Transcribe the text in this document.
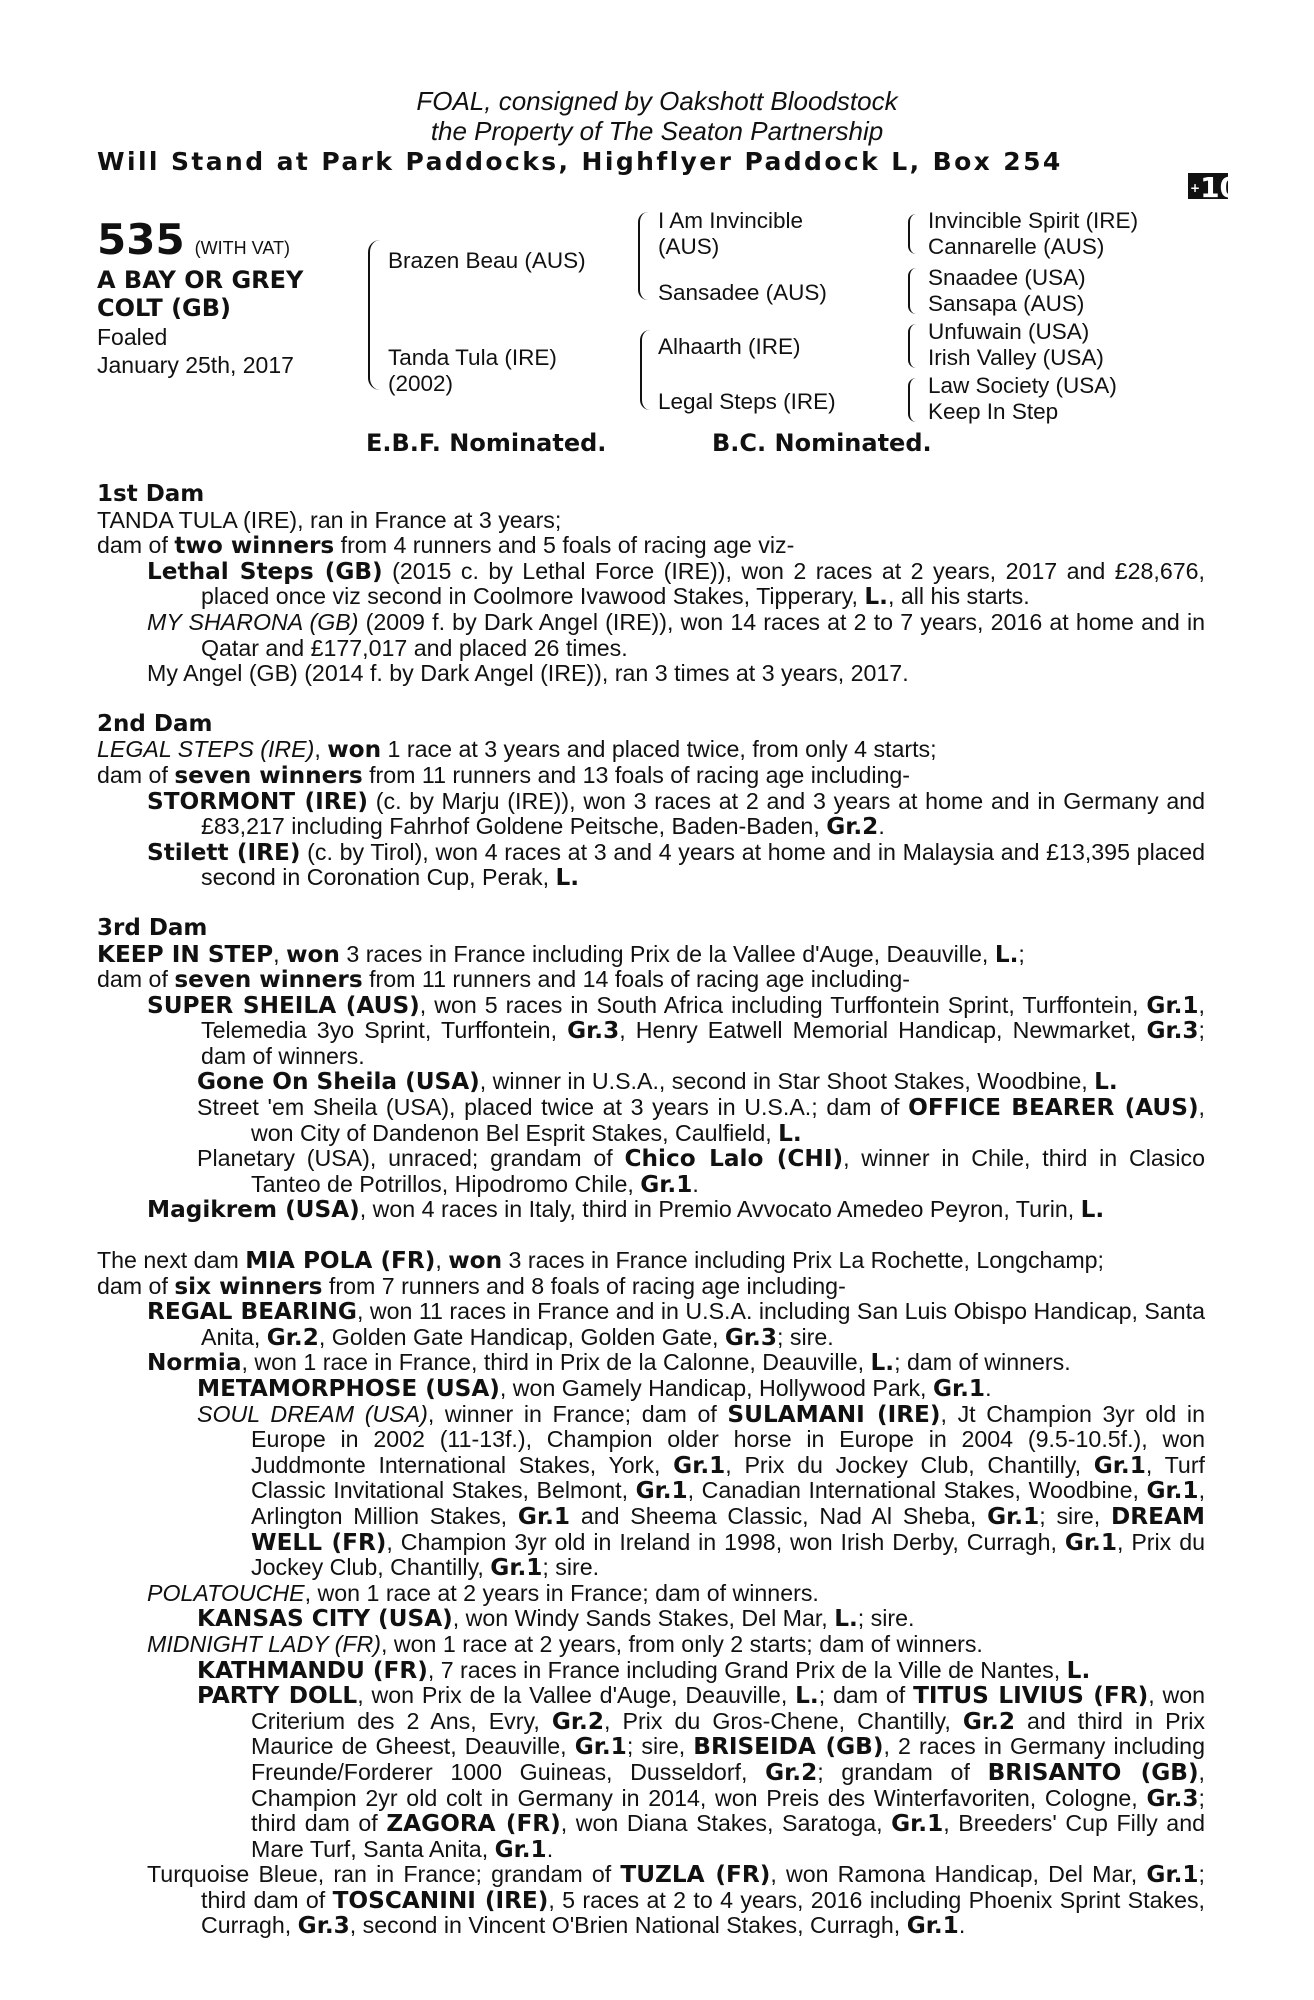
FOAL, consigned by Oakshott Bloodstock
the Property of The Seaton Partnership
Will Stand at Park Paddocks, Highflyer Paddock L, Box 254
+10
535 (WITH VAT)
A BAY OR GREY
COLT (GB)
Foaled
January 25th, 2017
Brazen Beau (AUS)
Tanda Tula (IRE)
(2002)
I Am Invincible
(AUS)
Sansadee (AUS)
Alhaarth (IRE)
Legal Steps (IRE)
Invincible Spirit (IRE)
Cannarelle (AUS)
Snaadee (USA)
Sansapa (AUS)
Unfuwain (USA)
Irish Valley (USA)
Law Society (USA)
Keep In Step
E.B.F. Nominated.	B.C. Nominated.

1st Dam

TANDA TULA (IRE), ran in France at 3 years;

dam of two winners from 4 runners and 5 foals of racing age viz-

Lethal Steps (GB) (2015 c. by Lethal Force (IRE)), won 2 races at 2 years, 2017 and £28,676, placed once viz second in Coolmore Ivawood Stakes, Tipperary, L., all his starts.

MY SHARONA (GB) (2009 f. by Dark Angel (IRE)), won 14 races at 2 to 7 years, 2016 at home and in Qatar and £177,017 and placed 26 times.

My Angel (GB) (2014 f. by Dark Angel (IRE)), ran 3 times at 3 years, 2017.

2nd Dam

LEGAL STEPS (IRE), won 1 race at 3 years and placed twice, from only 4 starts;

dam of seven winners from 11 runners and 13 foals of racing age including-

STORMONT (IRE) (c. by Marju (IRE)), won 3 races at 2 and 3 years at home and in Germany and £83,217 including Fahrhof Goldene Peitsche, Baden-Baden, Gr.2.

Stilett (IRE) (c. by Tirol), won 4 races at 3 and 4 years at home and in Malaysia and £13,395 placed second in Coronation Cup, Perak, L.

3rd Dam

KEEP IN STEP, won 3 races in France including Prix de la Vallee d'Auge, Deauville, L.;

dam of seven winners from 11 runners and 14 foals of racing age including-

SUPER SHEILA (AUS), won 5 races in South Africa including Turffontein Sprint, Turffontein, Gr.1, Telemedia 3yo Sprint, Turffontein, Gr.3, Henry Eatwell Memorial Handicap, Newmarket, Gr.3; dam of winners.

Gone On Sheila (USA), winner in U.S.A., second in Star Shoot Stakes, Woodbine, L.

Street 'em Sheila (USA), placed twice at 3 years in U.S.A.; dam of OFFICE BEARER (AUS), won City of Dandenon Bel Esprit Stakes, Caulfield, L.

Planetary (USA), unraced; grandam of Chico Lalo (CHI), winner in Chile, third in Clasico Tanteo de Potrillos, Hipodromo Chile, Gr.1.

Magikrem (USA), won 4 races in Italy, third in Premio Avvocato Amedeo Peyron, Turin, L.

The next dam MIA POLA (FR), won 3 races in France including Prix La Rochette, Longchamp;

dam of six winners from 7 runners and 8 foals of racing age including-

REGAL BEARING, won 11 races in France and in U.S.A. including San Luis Obispo Handicap, Santa Anita, Gr.2, Golden Gate Handicap, Golden Gate, Gr.3; sire.

Normia, won 1 race in France, third in Prix de la Calonne, Deauville, L.; dam of winners.

METAMORPHOSE (USA), won Gamely Handicap, Hollywood Park, Gr.1.

SOUL DREAM (USA), winner in France; dam of SULAMANI (IRE), Jt Champion 3yr old in Europe in 2002 (11-13f.), Champion older horse in Europe in 2004 (9.5-10.5f.), won Juddmonte International Stakes, York, Gr.1, Prix du Jockey Club, Chantilly, Gr.1, Turf Classic Invitational Stakes, Belmont, Gr.1, Canadian International Stakes, Woodbine, Gr.1, Arlington Million Stakes, Gr.1 and Sheema Classic, Nad Al Sheba, Gr.1; sire, DREAM WELL (FR), Champion 3yr old in Ireland in 1998, won Irish Derby, Curragh, Gr.1, Prix du Jockey Club, Chantilly, Gr.1; sire.

POLATOUCHE, won 1 race at 2 years in France; dam of winners.

KANSAS CITY (USA), won Windy Sands Stakes, Del Mar, L.; sire.

MIDNIGHT LADY (FR), won 1 race at 2 years, from only 2 starts; dam of winners.

KATHMANDU (FR), 7 races in France including Grand Prix de la Ville de Nantes, L.

PARTY DOLL, won Prix de la Vallee d'Auge, Deauville, L.; dam of TITUS LIVIUS (FR), won Criterium des 2 Ans, Evry, Gr.2, Prix du Gros-Chene, Chantilly, Gr.2 and third in Prix Maurice de Gheest, Deauville, Gr.1; sire, BRISEIDA (GB), 2 races in Germany including Freunde/Forderer 1000 Guineas, Dusseldorf, Gr.2; grandam of BRISANTO (GB), Champion 2yr old colt in Germany in 2014, won Preis des Winterfavoriten, Cologne, Gr.3; third dam of ZAGORA (FR), won Diana Stakes, Saratoga, Gr.1, Breeders' Cup Filly and Mare Turf, Santa Anita, Gr.1.

Turquoise Bleue, ran in France; grandam of TUZLA (FR), won Ramona Handicap, Del Mar, Gr.1; third dam of TOSCANINI (IRE), 5 races at 2 to 4 years, 2016 including Phoenix Sprint Stakes, Curragh, Gr.3, second in Vincent O'Brien National Stakes, Curragh, Gr.1.
